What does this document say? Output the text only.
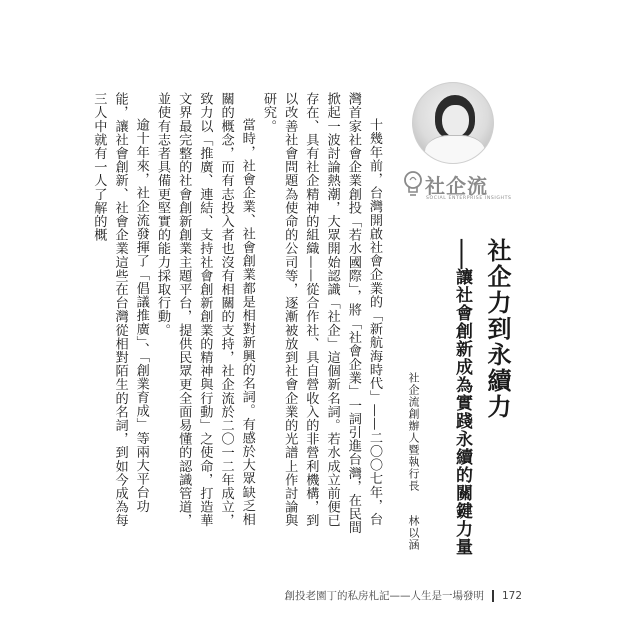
十幾年前，台灣開啟社會企業的「新航海時代」——二〇〇七年，台灣首家社會企業創投「若水國際」，將「社會企業」一詞引進台灣，在民間掀起一波討論熱潮，大眾開始認識「社企」這個新名詞。若水成立前便已存在、具有社企精神的組織——從合作社、具自營收入的非營利機構，到以改善社會問題為使命的公司等，逐漸被放到社會企業的光譜上作討論與研究。

當時，社會企業、社會創業都是相對新興的名詞。有感於大眾缺乏相關的概念，而有志投入者也沒有相關的支持，社企流於二〇一二年成立，致力以「推廣、連結、支持社會創新創業的精神與行動」之使命，打造華文界最完整的社會創新創業主題平台，提供民眾更全面易懂的認識管道，並使有志者具備更堅實的能力採取行動。

逾十年來，社企流發揮了「倡議推廣」、「創業育成」等兩大平台功能，讓社會創新、社會企業這些在台灣從相對陌生的名詞，到如今成為每三人中就有一人了解的概	社企流
SOCIAL ENTERPRISE INSIGHTS
社企力到永續力
——讓社會創新成為實踐永續的關鍵力量
社企流創辦人暨執行長 林以涵
創投老園丁的私房札記——人生是一場發明 172
